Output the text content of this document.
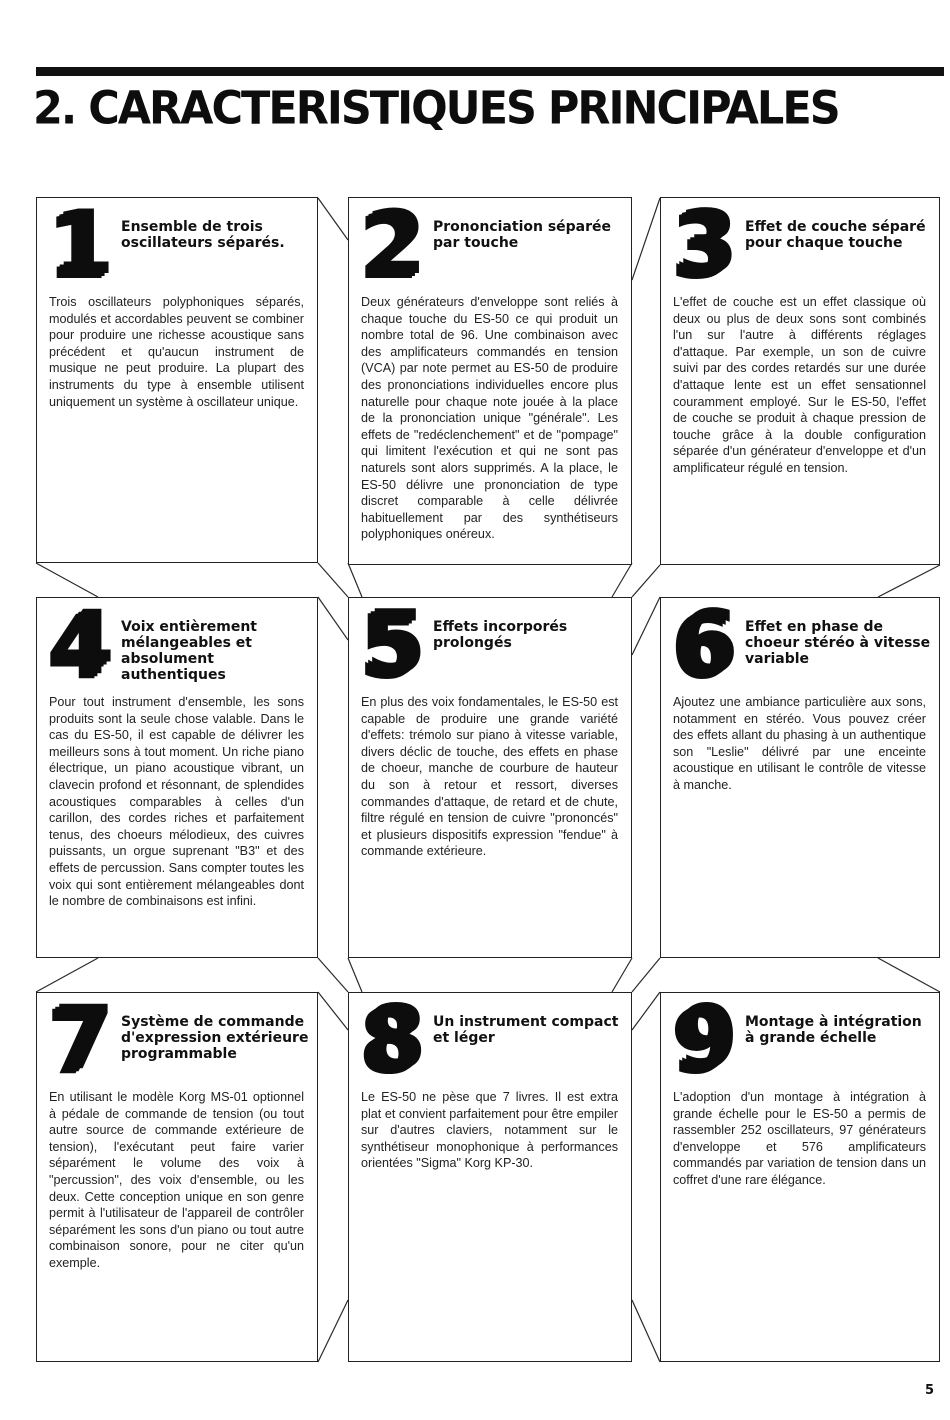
2. CARACTERISTIQUES PRINCIPALES
1 Ensemble de trois oscillateurs séparés.

Trois oscillateurs polyphoniques séparés, modulés et accordables peuvent se combiner pour produire une richesse acoustique sans précédent et qu'aucun instrument de musique ne peut produire. La plupart des instruments du type à ensemble utilisent uniquement un système à oscillateur unique.

2 Prononciation séparée par touche

Deux générateurs d'enveloppe sont reliés à chaque touche du ES-50 ce qui produit un nombre total de 96. Une combinaison avec des amplificateurs commandés en tension (VCA) par note permet au ES-50 de produire des prononciations individuelles encore plus naturelle pour chaque note jouée à la place de la prononciation unique "générale". Les effets de "redéclenchement" et de "pompage" qui limitent l'exécution et qui ne sont pas naturels sont alors supprimés. A la place, le ES-50 délivre une prononciation de type discret comparable à celle délivrée habituellement par des synthétiseurs polyphoniques onéreux.

3 Effet de couche séparé pour chaque touche

L'effet de couche est un effet classique où deux ou plus de deux sons sont combinés l'un sur l'autre à différents réglages d'attaque. Par exemple, un son de cuivre suivi par des cordes retardés sur une durée d'attaque lente est un effet sensationnel couramment employé. Sur le ES-50, l'effet de couche se produit à chaque pression de touche grâce à la double configuration séparée d'un générateur d'enveloppe et d'un amplificateur régulé en tension.

4 Voix entièrement mélangeables et absolument authentiques

Pour tout instrument d'ensemble, les sons produits sont la seule chose valable. Dans le cas du ES-50, il est capable de délivrer les meilleurs sons à tout moment. Un riche piano électrique, un piano acoustique vibrant, un clavecin profond et résonnant, de splendides acoustiques comparables à celles d'un carillon, des cordes riches et parfaitement tenus, des choeurs mélodieux, des cuivres puissants, un orgue suprenant "B3" et des effets de percussion. Sans compter toutes les voix qui sont entièrement mélangeables dont le nombre de combinaisons est infini.

5 Effets incorporés prolongés

En plus des voix fondamentales, le ES-50 est capable de produire une grande variété d'effets: trémolo sur piano à vitesse variable, divers déclic de touche, des effets en phase de choeur, manche de courbure de hauteur du son à retour et ressort, diverses commandes d'attaque, de retard et de chute, filtre régulé en tension de cuivre "prononcés" et plusieurs dispositifs expression "fendue" à commande extérieure.

6 Effet en phase de choeur stéréo à vitesse variable

Ajoutez une ambiance particulière aux sons, notamment en stéréo. Vous pouvez créer des effets allant du phasing à un authentique son "Leslie" délivré par une enceinte acoustique en utilisant le contrôle de vitesse à manche.

7 Système de commande d'expression extérieure programmable

En utilisant le modèle Korg MS-01 optionnel à pédale de commande de tension (ou tout autre source de commande extérieure de tension), l'exécutant peut faire varier séparément le volume des voix à "percussion", des voix d'ensemble, ou les deux. Cette conception unique en son genre permit à l'utilisateur de l'appareil de contrôler séparément les sons d'un piano ou tout autre combinaison sonore, pour ne citer qu'un exemple.

8 Un instrument compact et léger

Le ES-50 ne pèse que 7 livres. Il est extra plat et convient parfaitement pour être empiler sur d'autres claviers, notamment sur le synthétiseur monophonique à performances orientées "Sigma" Korg KP-30.

9 Montage à intégration à grande échelle

L'adoption d'un montage à intégration à grande échelle pour le ES-50 a permis de rassembler 252 oscillateurs, 97 générateurs d'enveloppe et 576 amplificateurs commandés par variation de tension dans un coffret d'une rare élégance.

5
